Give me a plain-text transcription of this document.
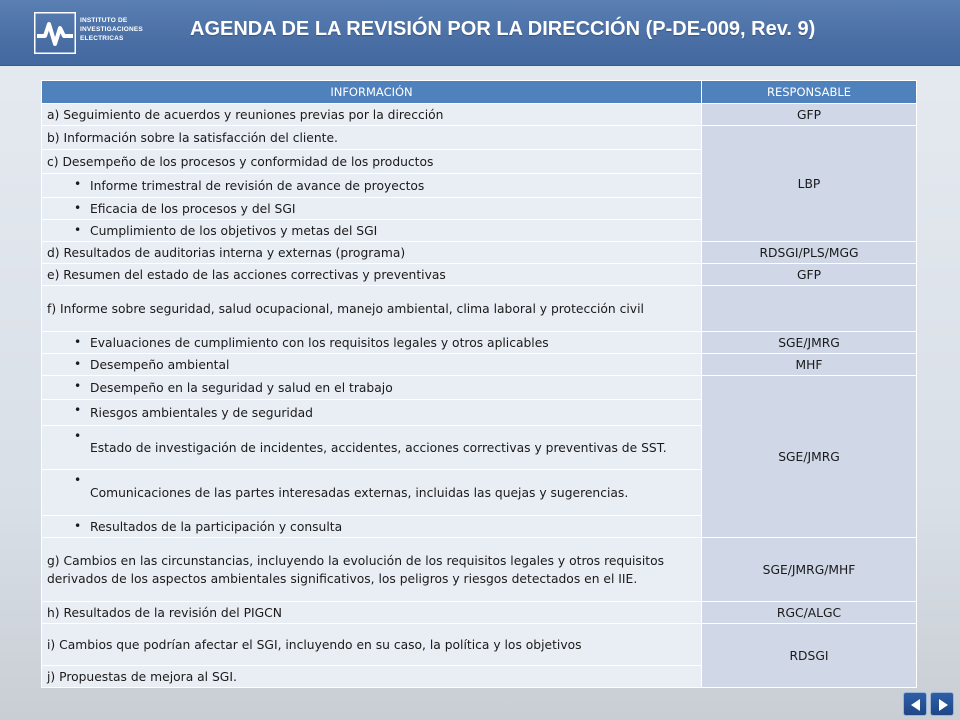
INSTITUTO DE
INVESTIGACIONES
ELECTRICAS	AGENDA DE LA REVISIÓN POR LA DIRECCIÓN (P-DE-009, Rev. 9)
INFORMACIÓN	RESPONSABLE
a) Seguimiento de acuerdos y reuniones previas por la dirección	GFP
b) Información sobre la satisfacción del cliente.	LBP
c) Desempeño de los procesos y conformidad de los productos	

• Informe trimestral de revisión de avance de proyectos

• Eficacia de los procesos y del SGI

• Cumplimiento de los objetivos y metas del SGI

d) Resultados de auditorias interna y externas (programa)	RDSGI/PLS/MGG
e) Resumen del estado de las acciones correctivas y preventivas	GFP
f) Informe sobre seguridad, salud ocupacional, manejo ambiental, clima laboral y protección civil	

• Evaluaciones de cumplimiento con los requisitos legales y otros aplicables	SGE/JMRG

• Desempeño ambiental	MHF

• Desempeño en la seguridad y salud en el trabajo	SGE/JMRG

• Riesgos ambientales y de seguridad

• Estado de investigación de incidentes, accidentes, acciones correctivas y preventivas de SST.

• Comunicaciones de las partes interesadas externas, incluidas las quejas y sugerencias.

• Resultados de la participación y consulta

g) Cambios en las circunstancias, incluyendo la evolución de los requisitos legales y otros requisitos derivados de los aspectos ambientales significativos, los peligros y riesgos detectados en el IIE.	SGE/JMRG/MHF
h) Resultados de la revisión del PIGCN	RGC/ALGC
i) Cambios que podrían afectar el SGI, incluyendo en su caso, la política y los objetivos	RDSGI
j) Propuestas de mejora al SGI.	
